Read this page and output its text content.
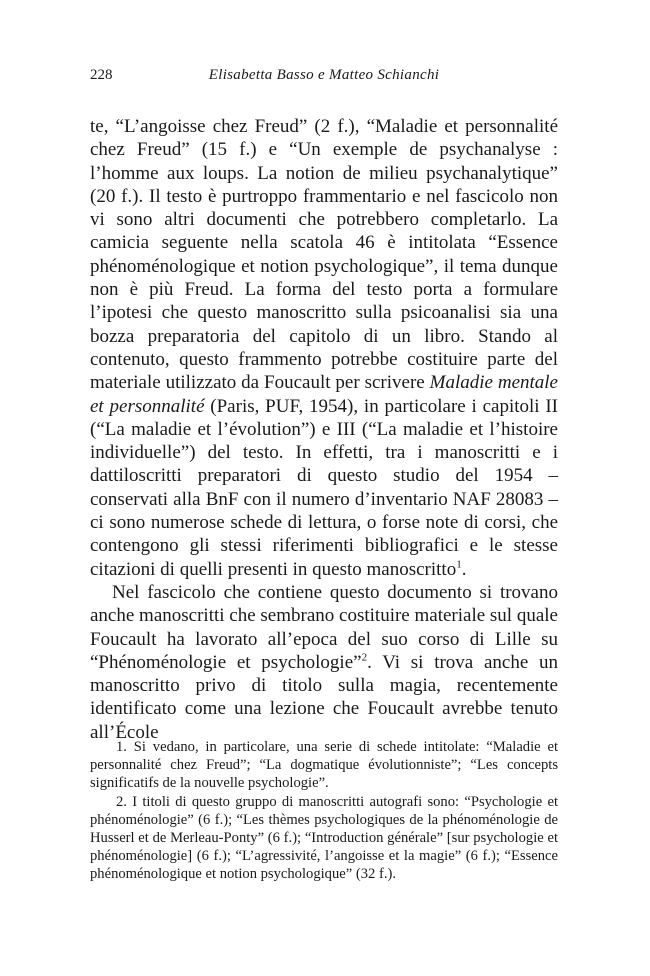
228	Elisabetta Basso e Matteo Schianchi

te, “L’angoisse chez Freud” (2 f.), “Maladie et personnalité chez Freud” (15 f.) e “Un exemple de psychanalyse : l’homme aux loups. La notion de milieu psychanalytique” (20 f.). Il testo è purtroppo frammentario e nel fascicolo non vi sono altri documenti che potrebbero completarlo. La camicia seguente nella scatola 46 è intitolata “Essence phénoménologique et notion psychologique”, il tema dunque non è più Freud. La forma del testo porta a formulare l’ipotesi che questo manoscritto sulla psicoanalisi sia una bozza preparatoria del capitolo di un libro. Stando al contenuto, questo frammento potrebbe costituire parte del materiale utilizzato da Foucault per scrivere Maladie mentale et personnalité (Paris, PUF, 1954), in particolare i capitoli II (“La maladie et l’évolution”) e III (“La maladie et l’histoire individuelle”) del testo. In effetti, tra i manoscritti e i dattiloscritti preparatori di questo studio del 1954 – conservati alla BnF con il numero d’inventario NAF 28083 – ci sono numerose schede di lettura, o forse note di corsi, che contengono gli stessi riferimenti bibliografici e le stesse citazioni di quelli presenti in questo manoscritto$^1$.

Nel fascicolo che contiene questo documento si trovano anche manoscritti che sembrano costituire materiale sul quale Foucault ha lavorato all’epoca del suo corso di Lille su “Phénoménologie et psychologie”$^2$. Vi si trova anche un manoscritto privo di titolo sulla magia, recentemente identificato come una lezione che Foucault avrebbe tenuto all’École

1. Si vedano, in particolare, una serie di schede intitolate: “Maladie et personnalité chez Freud”; “La dogmatique évolutionniste”; “Les concepts significatifs de la nouvelle psychologie”.

2. I titoli di questo gruppo di manoscritti autografi sono: “Psychologie et phénoménologie” (6 f.); “Les thèmes psychologiques de la phénoménologie de Husserl et de Merleau-Ponty” (6 f.); “Introduction générale” [sur psychologie et phénoménologie] (6 f.); “L’agressivité, l’angoisse et la magie” (6 f.); “Essence phénoménologique et notion psychologique” (32 f.).
